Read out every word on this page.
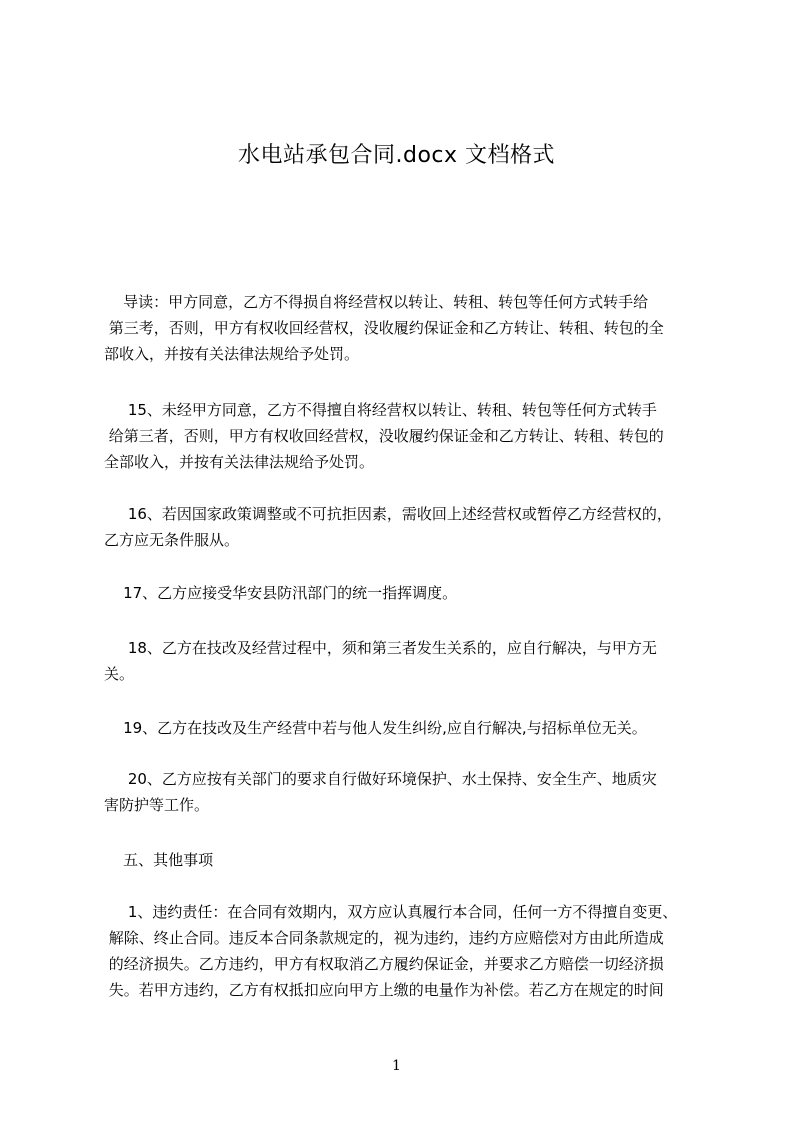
水电站承包合同.docx 文档格式
导读：甲方同意，乙方不得损自将经营权以转让、转租、转包等任何方式转手给
第三考，否则，甲方有权收回经营权，没收履约保证金和乙方转让、转租、转包的全
部收入，并按有关法律法规给予处罚。
15、未经甲方同意，乙方不得擅自将经营权以转让、转租、转包等任何方式转手
给第三者，否则，甲方有权收回经营权，没收履约保证金和乙方转让、转租、转包的
全部收入，并按有关法律法规给予处罚。
16、若因国家政策调整或不可抗拒因素，需收回上述经营权或暂停乙方经营权的，
乙方应无条件服从。
17、乙方应接受华安县防汛部门的统一指挥调度。
18、乙方在技改及经营过程中，须和第三者发生关系的，应自行解决，与甲方无
关。
19、乙方在技改及生产经营中若与他人发生纠纷,应自行解决,与招标单位无关。
20、乙方应按有关部门的要求自行做好环境保护、水土保持、安全生产、地质灾
害防护等工作。
五、其他事项
1、违约责任：在合同有效期内，双方应认真履行本合同，任何一方不得擅自变更、
解除、终止合同。违反本合同条款规定的，视为违约，违约方应赔偿对方由此所造成
的经济损失。乙方违约，甲方有权取消乙方履约保证金，并要求乙方赔偿一切经济损
失。若甲方违约，乙方有权抵扣应向甲方上缴的电量作为补偿。若乙方在规定的时间
1
